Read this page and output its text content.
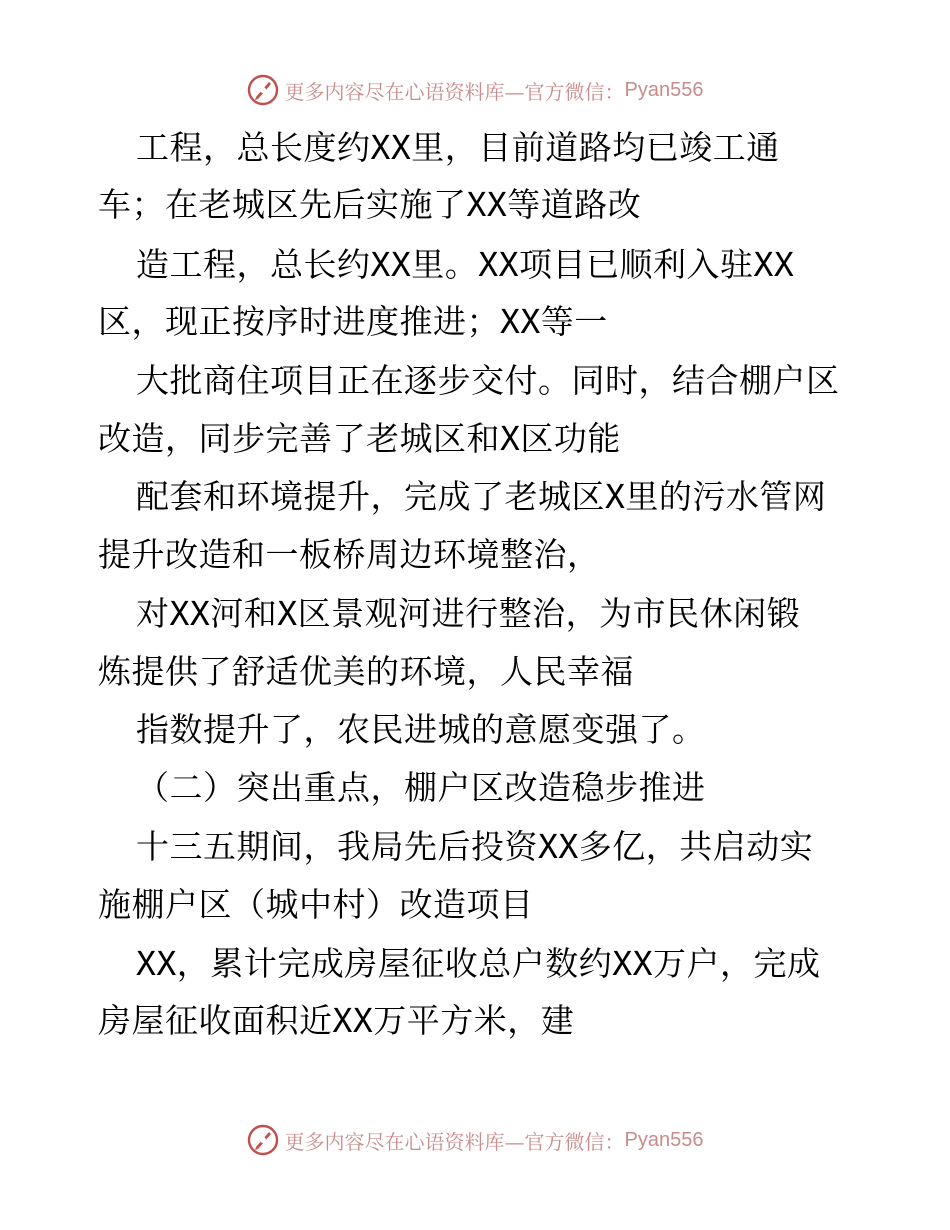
更多内容尽在心语资料库—官方微信： Pyan556
工程，总长度约XX里，目前道路均已竣工通
车；在老城区先后实施了XX等道路改
造工程，总长约XX里。XX项目已顺利入驻XX
区，现正按序时进度推进；XX等一
大批商住项目正在逐步交付。同时，结合棚户区
改造，同步完善了老城区和X区功能
配套和环境提升，完成了老城区X里的污水管网
提升改造和一板桥周边环境整治，
对XX河和X区景观河进行整治，为市民休闲锻
炼提供了舒适优美的环境，人民幸福
指数提升了，农民进城的意愿变强了。
（二）突出重点，棚户区改造稳步推进
十三五期间，我局先后投资XX多亿，共启动实
施棚户区（城中村）改造项目
XX，累计完成房屋征收总户数约XX万户，完成
房屋征收面积近XX万平方米，建
更多内容尽在心语资料库—官方微信： Pyan556
